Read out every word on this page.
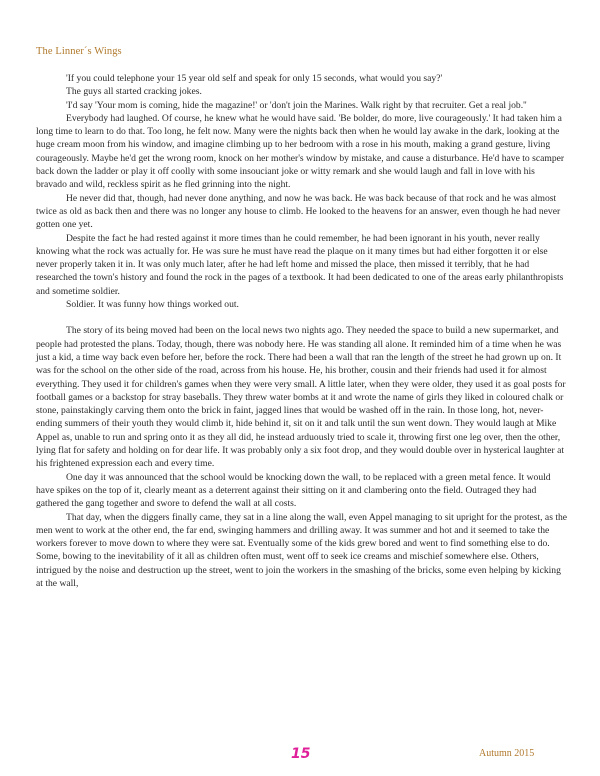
The Linner´s Wings

'If you could telephone your 15 year old self and speak for only 15 seconds, what would you say?'

The guys all started cracking jokes.

'I'd say 'Your mom is coming, hide the magazine!' or 'don't join the Marines. Walk right by that recruiter. Get a real job.''

Everybody had laughed. Of course, he knew what he would have said. 'Be bolder, do more, live courageously.' It had taken him a long time to learn to do that. Too long, he felt now. Many were the nights back then when he would lay awake in the dark, looking at the huge cream moon from his window, and imagine climbing up to her bedroom with a rose in his mouth, making a grand gesture, living courageously. Maybe he'd get the wrong room, knock on her mother's window by mistake, and cause a disturbance. He'd have to scamper back down the ladder or play it off coolly with some insouciant joke or witty remark and she would laugh and fall in love with his bravado and wild, reckless spirit as he fled grinning into the night.

He never did that, though, had never done anything, and now he was back. He was back because of that rock and he was almost twice as old as back then and there was no longer any house to climb. He looked to the heavens for an answer, even though he had never gotten one yet.

Despite the fact he had rested against it more times than he could remember, he had been ignorant in his youth, never really knowing what the rock was actually for. He was sure he must have read the plaque on it many times but had either forgotten it or else never properly taken it in. It was only much later, after he had left home and missed the place, then missed it terribly, that he had researched the town's history and found the rock in the pages of a textbook. It had been dedicated to one of the areas early philanthropists and sometime soldier.

Soldier. It was funny how things worked out.

The story of its being moved had been on the local news two nights ago. They needed the space to build a new supermarket, and people had protested the plans. Today, though, there was nobody here. He was standing all alone. It reminded him of a time when he was just a kid, a time way back even before her, before the rock. There had been a wall that ran the length of the street he had grown up on. It was for the school on the other side of the road, across from his house. He, his brother, cousin and their friends had used it for almost everything. They used it for children's games when they were very small. A little later, when they were older, they used it as goal posts for football games or a backstop for stray baseballs. They threw water bombs at it and wrote the name of girls they liked in coloured chalk or stone, painstakingly carving them onto the brick in faint, jagged lines that would be washed off in the rain. In those long, hot, never-ending summers of their youth they would climb it, hide behind it, sit on it and talk until the sun went down. They would laugh at Mike Appel as, unable to run and spring onto it as they all did, he instead arduously tried to scale it, throwing first one leg over, then the other, lying flat for safety and holding on for dear life. It was probably only a six foot drop, and they would double over in hysterical laughter at his frightened expression each and every time.

One day it was announced that the school would be knocking down the wall, to be replaced with a green metal fence. It would have spikes on the top of it, clearly meant as a deterrent against their sitting on it and clambering onto the field. Outraged they had gathered the gang together and swore to defend the wall at all costs.

That day, when the diggers finally came, they sat in a line along the wall, even Appel managing to sit upright for the protest, as the men went to work at the other end, the far end, swinging hammers and drilling away. It was summer and hot and it seemed to take the workers forever to move down to where they were sat. Eventually some of the kids grew bored and went to find something else to do. Some, bowing to the inevitability of it all as children often must, went off to seek ice creams and mischief somewhere else. Others, intrigued by the noise and destruction up the street, went to join the workers in the smashing of the bricks, some even helping by kicking at the wall,

15	Autumn 2015
